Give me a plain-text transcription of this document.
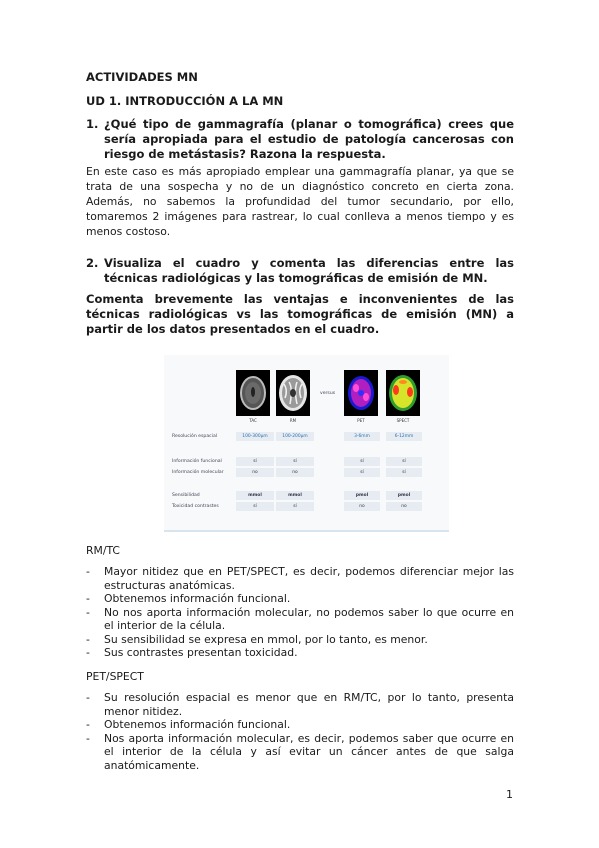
ACTIVIDADES MN
UD 1. INTRODUCCIÓN A LA MN
1. ¿Qué tipo de gammagrafía (planar o tomográfica) crees que sería apropiada para el estudio de patología cancerosas con riesgo de metástasis? Razona la respuesta.
En este caso es más apropiado emplear una gammagrafía planar, ya que se trata de una sospecha y no de un diagnóstico concreto en cierta zona. Además, no sabemos la profundidad del tumor secundario, por ello, tomaremos 2 imágenes para rastrear, lo cual conlleva a menos tiempo y es menos costoso.
2. Visualiza el cuadro y comenta las diferencias entre las técnicas radiológicas y las tomográficas de emisión de MN.
Comenta brevemente las ventajas e inconvenientes de las técnicas radiológicas vs las tomográficas de emisión (MN) a partir de los datos presentados en el cuadro.
TAC	RM	PET	SPECT
versus
Resolución espacial	100-300µm	100-200µm	3-6mm	6-12mm
Información funcional	sí	sí	sí	sí
Información molecular	no	no	sí	sí
Sensibilidad	mmol	mmol	pmol	pmol
Toxicidad contrastes	sí	sí	no	no
RM/TC
- Mayor nitidez que en PET/SPECT, es decir, podemos diferenciar mejor las estructuras anatómicas.
- Obtenemos información funcional.
- No nos aporta información molecular, no podemos saber lo que ocurre en el interior de la célula.
- Su sensibilidad se expresa en mmol, por lo tanto, es menor.
- Sus contrastes presentan toxicidad.
PET/SPECT
- Su resolución espacial es menor que en RM/TC, por lo tanto, presenta menor nitidez.
- Obtenemos información funcional.
- Nos aporta información molecular, es decir, podemos saber que ocurre en el interior de la célula y así evitar un cáncer antes de que salga anatómicamente.
1
